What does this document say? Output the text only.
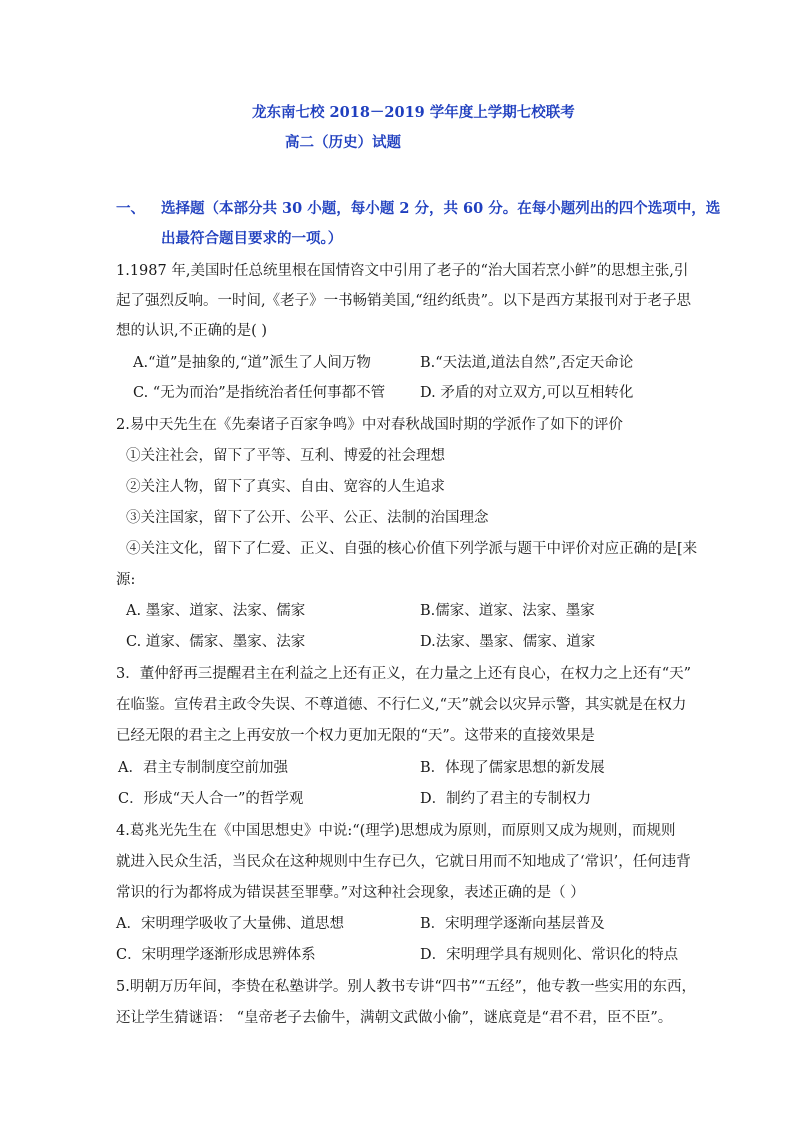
龙东南七校 2018－2019 学年度上学期七校联考
高二（历史）试题
一、 选择题（本部分共 30 小题，每小题 2 分，共 60 分。在每小题列出的四个选项中，选
出最符合题目要求的一项。）
1.1987 年,美国时任总统里根在国情咨文中引用了老子的“治大国若烹小鲜”的思想主张,引
起了强烈反响。一时间,《老子》一书畅销美国,“纽约纸贵”。以下是西方某报刊对于老子思
想的认识,不正确的是( )
A.“道”是抽象的,“道”派生了人间万物	B.“天法道,道法自然”,否定天命论
C. “无为而治”是指统治者任何事都不管 D. 矛盾的对立双方,可以互相转化
2.易中天先生在《先秦诸子百家争鸣》中对春秋战国时期的学派作了如下的评价
①关注社会，留下了平等、互利、博爱的社会理想
②关注人物，留下了真实、自由、宽容的人生追求
③关注国家，留下了公开、公平、公正、法制的治国理念
④关注文化，留下了仁爱、正义、自强的核心价值下列学派与题干中评价对应正确的是[来
源:
A. 墨家、道家、法家、儒家	B.儒家、道家、法家、墨家
C. 道家、儒家、墨家、法家	D.法家、墨家、儒家、道家
3．董仲舒再三提醒君主在利益之上还有正义，在力量之上还有良心，在权力之上还有“天”
在临鉴。宣传君主政令失误、不尊道德、不行仁义,“天”就会以灾异示警，其实就是在权力
已经无限的君主之上再安放一个权力更加无限的“天”。这带来的直接效果是
A．君主专制制度空前加强	B．体现了儒家思想的新发展
C．形成“天人合一”的哲学观	D．制约了君主的专制权力
4.葛兆光先生在《中国思想史》中说:“(理学)思想成为原则，而原则又成为规则，而规则
就进入民众生活，当民众在这种规则中生存已久，它就日用而不知地成了‘常识’，任何违背
常识的行为都将成为错误甚至罪孽。”对这种社会现象，表述正确的是（ ）
A．宋明理学吸收了大量佛、道思想	B．宋明理学逐渐向基层普及
C．宋明理学逐渐形成思辨体系	D．宋明理学具有规则化、常识化的特点
5.明朝万历年间，李贽在私塾讲学。别人教书专讲“四书”“五经”，他专教一些实用的东西，
还让学生猜谜语： “皇帝老子去偷牛，满朝文武做小偷”，谜底竟是“君不君，臣不臣”。
